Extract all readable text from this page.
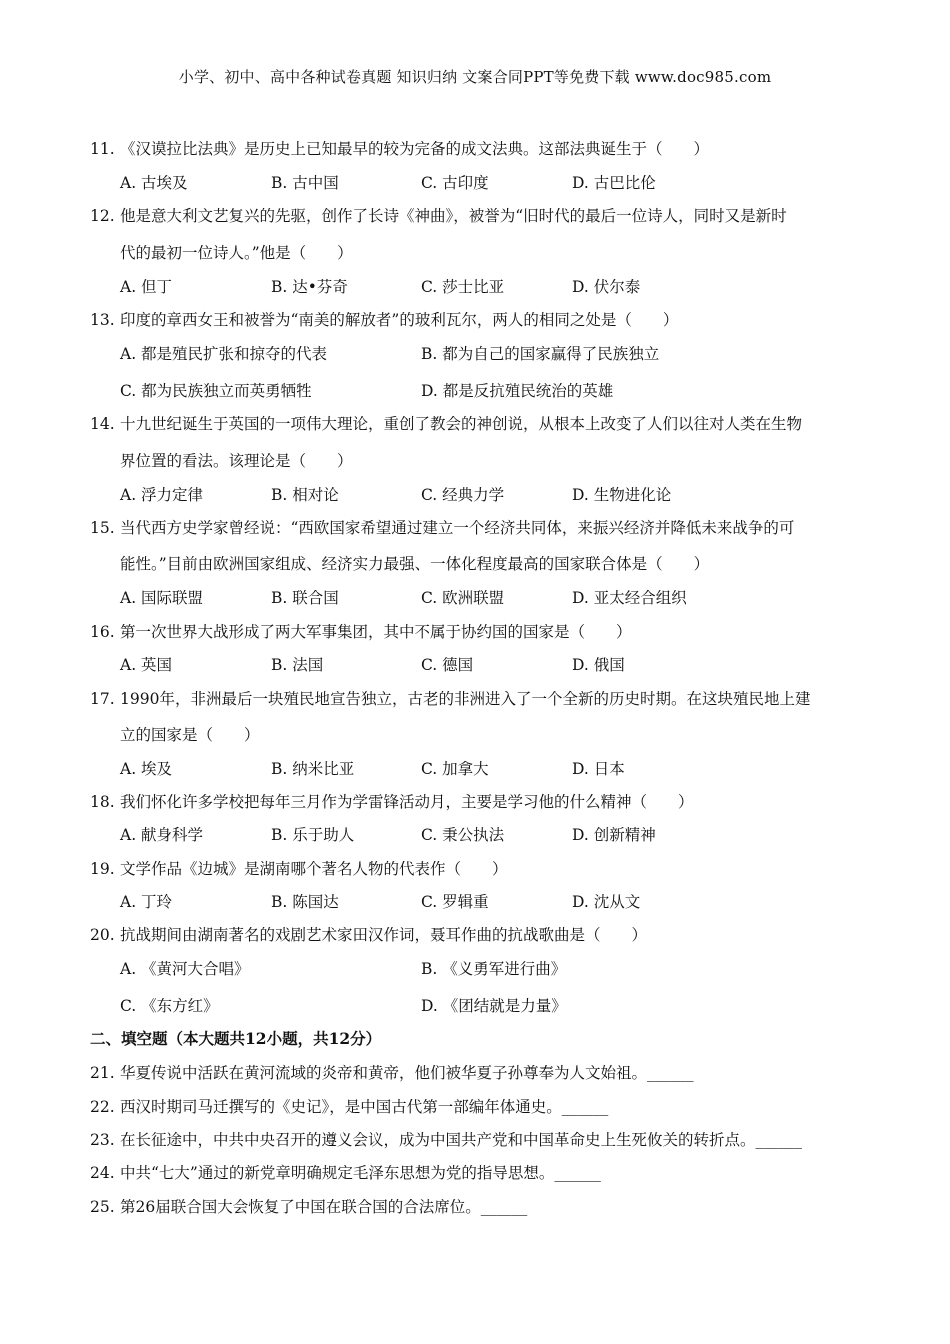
小学、初中、高中各种试卷真题 知识归纳 文案合同PPT等免费下载 www.doc985.com
11. 《汉谟拉比法典》是历史上已知最早的较为完备的成文法典。这部法典诞生于（　　）
A. 古埃及	B. 古中国	C. 古印度	D. 古巴比伦
12. 他是意大利文艺复兴的先驱，创作了长诗《神曲》，被誉为“旧时代的最后一位诗人，同时又是新时
代的最初一位诗人。”他是（　　）
A. 但丁	B. 达•芬奇	C. 莎士比亚	D. 伏尔泰
13. 印度的章西女王和被誉为“南美的解放者”的玻利瓦尔，两人的相同之处是（　　）
A. 都是殖民扩张和掠夺的代表	B. 都为自己的国家赢得了民族独立
C. 都为民族独立而英勇牺牲	D. 都是反抗殖民统治的英雄
14. 十九世纪诞生于英国的一项伟大理论，重创了教会的神创说，从根本上改变了人们以往对人类在生物
界位置的看法。该理论是（　　）
A. 浮力定律	B. 相对论	C. 经典力学	D. 生物进化论
15. 当代西方史学家曾经说：“西欧国家希望通过建立一个经济共同体，来振兴经济并降低未来战争的可
能性。”目前由欧洲国家组成、经济实力最强、一体化程度最高的国家联合体是（　　）
A. 国际联盟	B. 联合国	C. 欧洲联盟	D. 亚太经合组织
16. 第一次世界大战形成了两大军事集团，其中不属于协约国的国家是（　　）
A. 英国	B. 法国	C. 德国	D. 俄国
17. 1990年，非洲最后一块殖民地宣告独立，古老的非洲进入了一个全新的历史时期。在这块殖民地上建
立的国家是（　　）
A. 埃及	B. 纳米比亚	C. 加拿大	D. 日本
18. 我们怀化许多学校把每年三月作为学雷锋活动月，主要是学习他的什么精神（　　）
A. 献身科学	B. 乐于助人	C. 秉公执法	D. 创新精神
19. 文学作品《边城》是湖南哪个著名人物的代表作（　　）
A. 丁玲	B. 陈国达	C. 罗辑重	D. 沈从文
20. 抗战期间由湖南著名的戏剧艺术家田汉作词，聂耳作曲的抗战歌曲是（　　）
A. 《黄河大合唱》	B. 《义勇军进行曲》
C. 《东方红》	D. 《团结就是力量》
二、填空题（本大题共12小题，共12分）
21. 华夏传说中活跃在黄河流域的炎帝和黄帝，他们被华夏子孙尊奉为人文始祖。______
22. 西汉时期司马迁撰写的《史记》，是中国古代第一部编年体通史。______
23. 在长征途中，中共中央召开的遵义会议，成为中国共产党和中国革命史上生死攸关的转折点。______
24. 中共“七大”通过的新党章明确规定毛泽东思想为党的指导思想。______
25. 第26届联合国大会恢复了中国在联合国的合法席位。______
